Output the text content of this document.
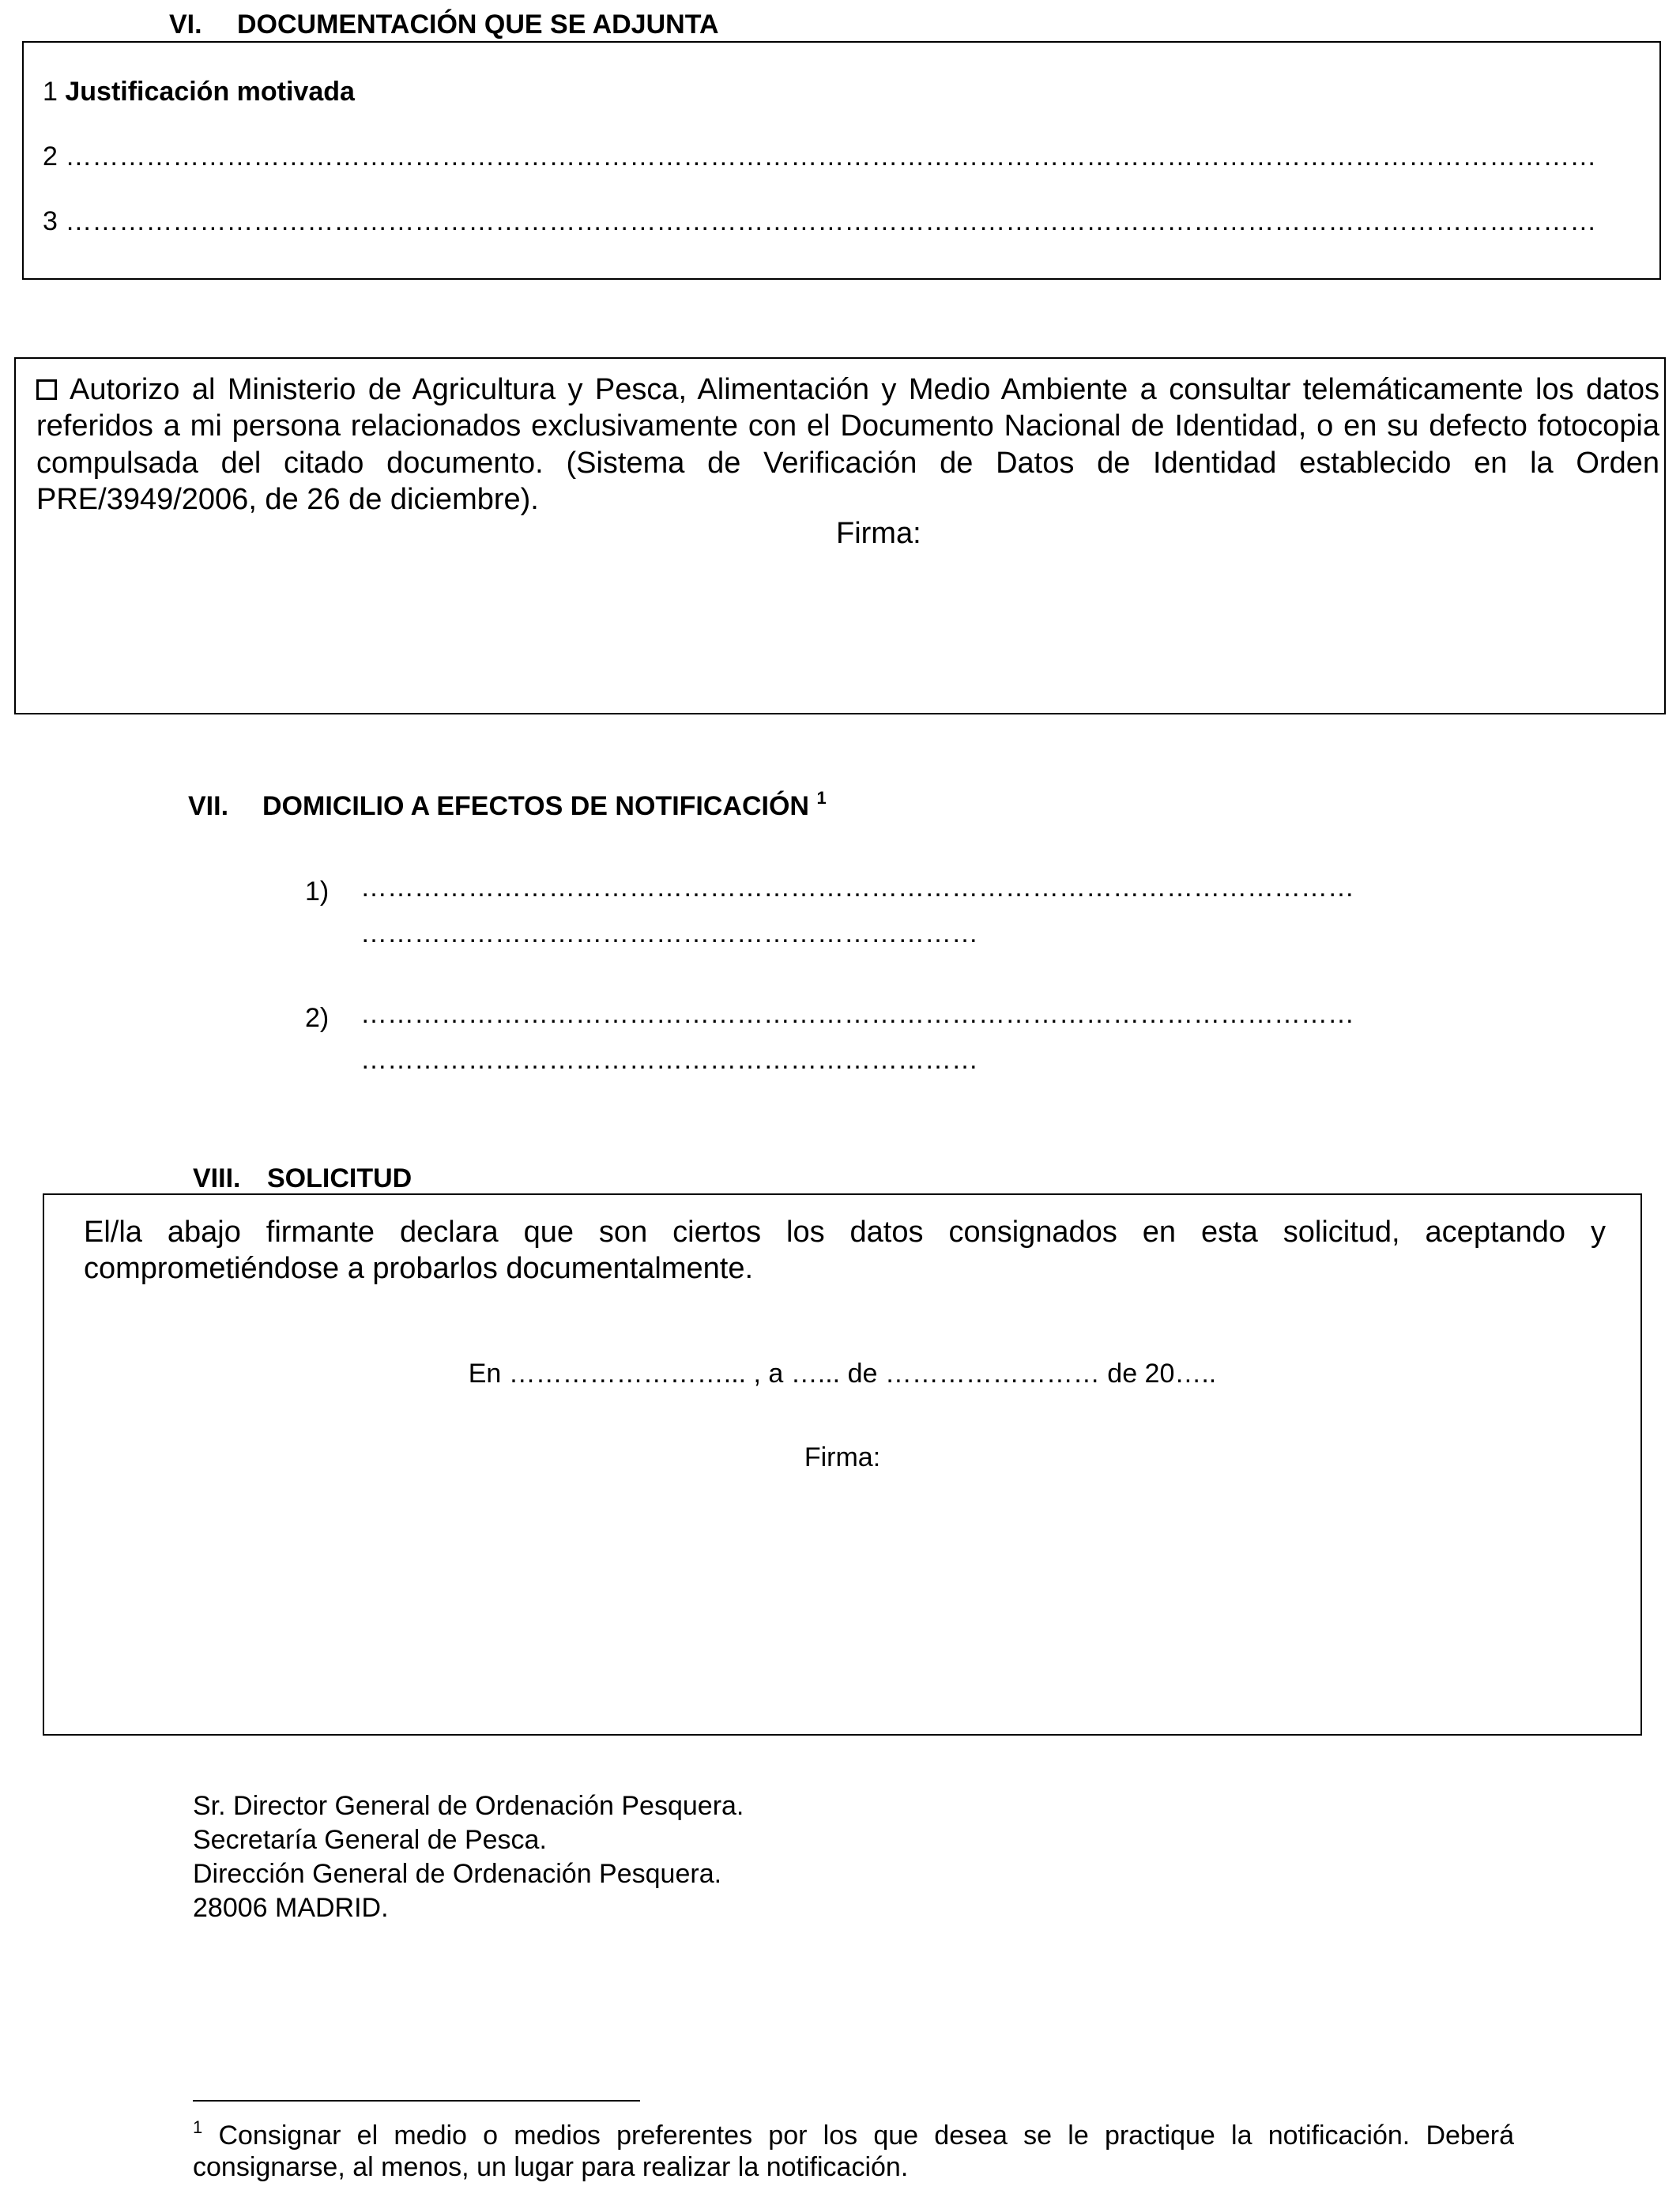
VI. DOCUMENTACIÓN QUE SE ADJUNTA
1 Justificación motivada
2 ………………………………………………………………………………………………………………………………………………………
3 ………………………………………………………………………………………………………………………………………………………
Autorizo al Ministerio de Agricultura y Pesca, Alimentación y Medio Ambiente a consultar telemáticamente los datos referidos a mi persona relacionados exclusivamente con el Documento Nacional de Identidad, o en su defecto fotocopia compulsada del citado documento. (Sistema de Verificación de Datos de Identidad establecido en la Orden PRE/3949/2006, de 26 de diciembre).
Firma:
VII. DOMICILIO A EFECTOS DE NOTIFICACIÓN $^1$
1) …………………………………………………………………………………………………
……………………………………………………………
2) …………………………………………………………………………………………………
……………………………………………………………
VIII. SOLICITUD
El/la abajo firmante declara que son ciertos los datos consignados en esta solicitud, aceptando y comprometiéndose a probarlos documentalmente.
En ……………………... , a …... de …………………… de 20…..
Firma:
Sr. Director General de Ordenación Pesquera.
Secretaría General de Pesca.
Dirección General de Ordenación Pesquera.
28006 MADRID.
$^1$ Consignar el medio o medios preferentes por los que desea se le practique la notificación. Deberá consignarse, al menos, un lugar para realizar la notificación.
